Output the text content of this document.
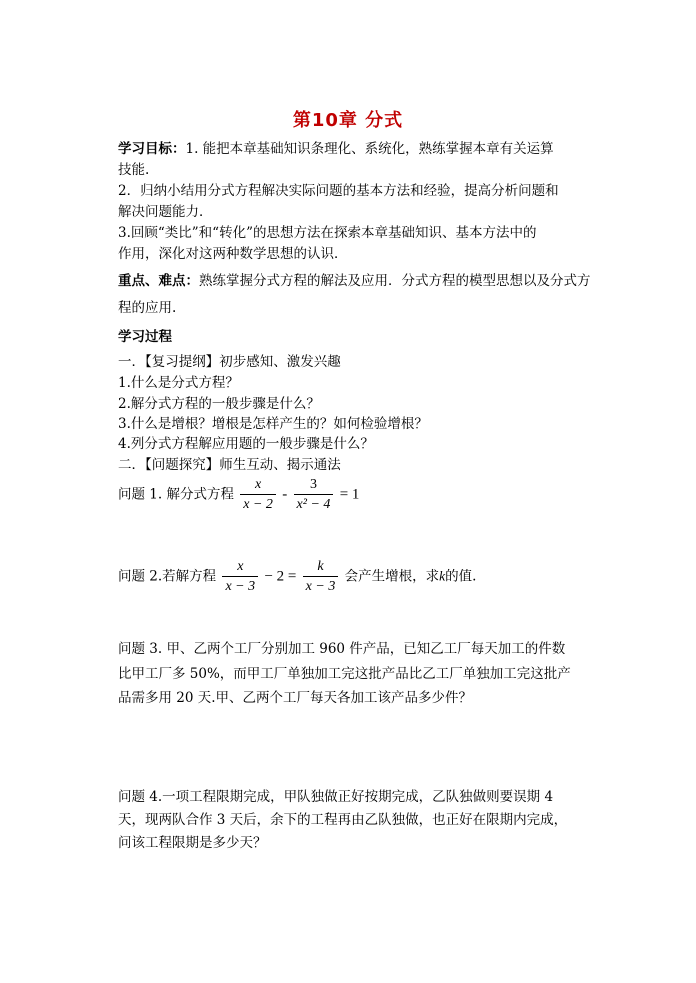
第10章 分式
学习目标：1. 能把本章基础知识条理化、系统化，熟练掌握本章有关运算
技能.
2．归纳小结用分式方程解决实际问题的基本方法和经验，提高分析问题和
解决问题能力．
3.回顾“类比”和“转化”的思想方法在探索本章基础知识、基本方法中的
作用，深化对这两种数学思想的认识．
重点、难点：熟练掌握分式方程的解法及应用．分式方程的模型思想以及分式方
程的应用.
学习过程
一．【复习提纲】初步感知、激发兴趣
1.什么是分式方程？
2.解分式方程的一般步骤是什么？
3.什么是增根？增根是怎样产生的？如何检验增根？
4.列分式方程解应用题的一般步骤是什么？
二．【问题探究】师生互动、揭示通法
问题 1. 解分式方程 $\frac{x}{x - 2} - \frac{3}{\text{x² − 4}} = 1$
问题 2.若解方程 $\frac{x}{x - 3} - 2 = \frac{k}{x - 3}$ 会产生增根，求k的值.
问题 3. 甲、乙两个工厂分别加工 960 件产品，已知乙工厂每天加工的件数
比甲工厂多 50%，而甲工厂单独加工完这批产品比乙工厂单独加工完这批产
品需多用 20 天.甲、乙两个工厂每天各加工该产品多少件？
问题 4.一项工程限期完成，甲队独做正好按期完成，乙队独做则要误期 4
天，现两队合作 3 天后，余下的工程再由乙队独做，也正好在限期内完成，
问该工程限期是多少天？
